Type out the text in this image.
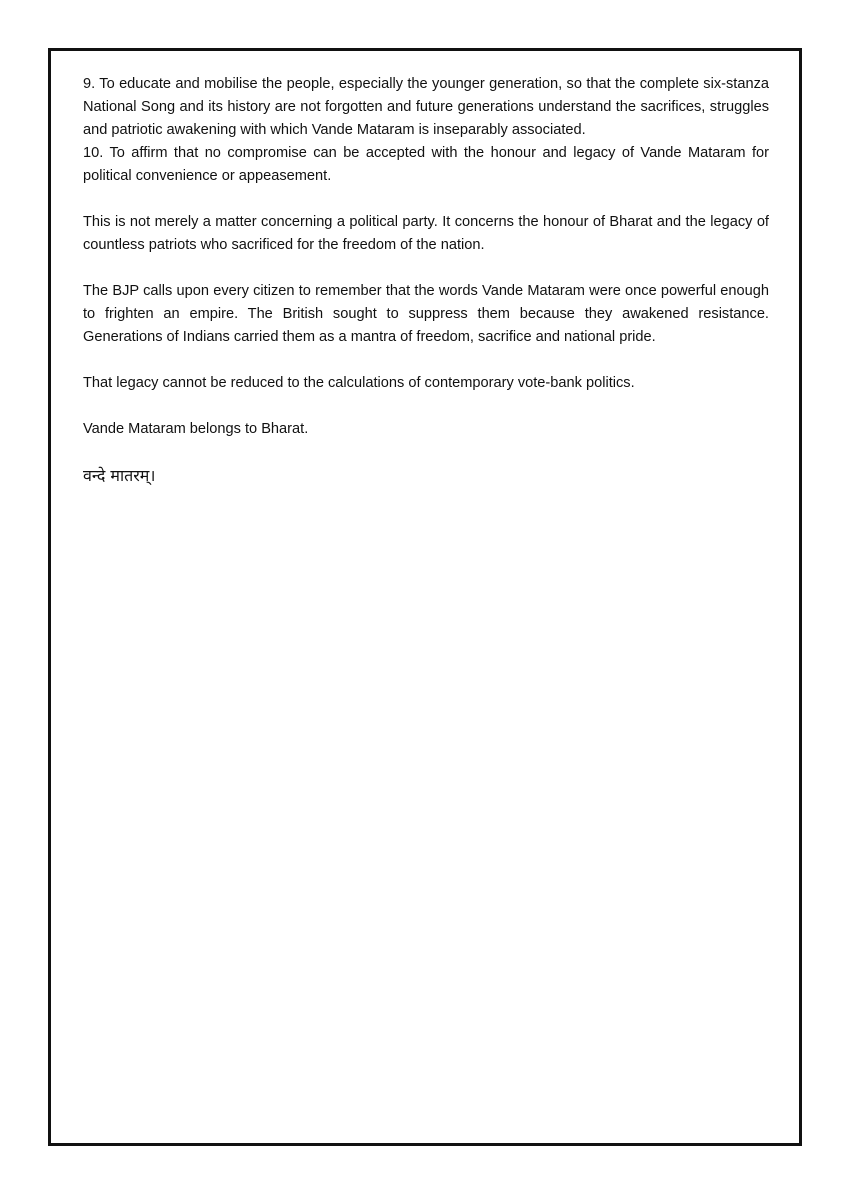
9. To educate and mobilise the people, especially the younger generation, so that the complete six-stanza National Song and its history are not forgotten and future generations understand the sacrifices, struggles and patriotic awakening with which Vande Mataram is inseparably associated.

10. To affirm that no compromise can be accepted with the honour and legacy of Vande Mataram for political convenience or appeasement.

This is not merely a matter concerning a political party. It concerns the honour of Bharat and the legacy of countless patriots who sacrificed for the freedom of the nation.

The BJP calls upon every citizen to remember that the words Vande Mataram were once powerful enough to frighten an empire. The British sought to suppress them because they awakened resistance. Generations of Indians carried them as a mantra of freedom, sacrifice and national pride.

That legacy cannot be reduced to the calculations of contemporary vote-bank politics.

Vande Mataram belongs to Bharat.

वन्दे मातरम्।
